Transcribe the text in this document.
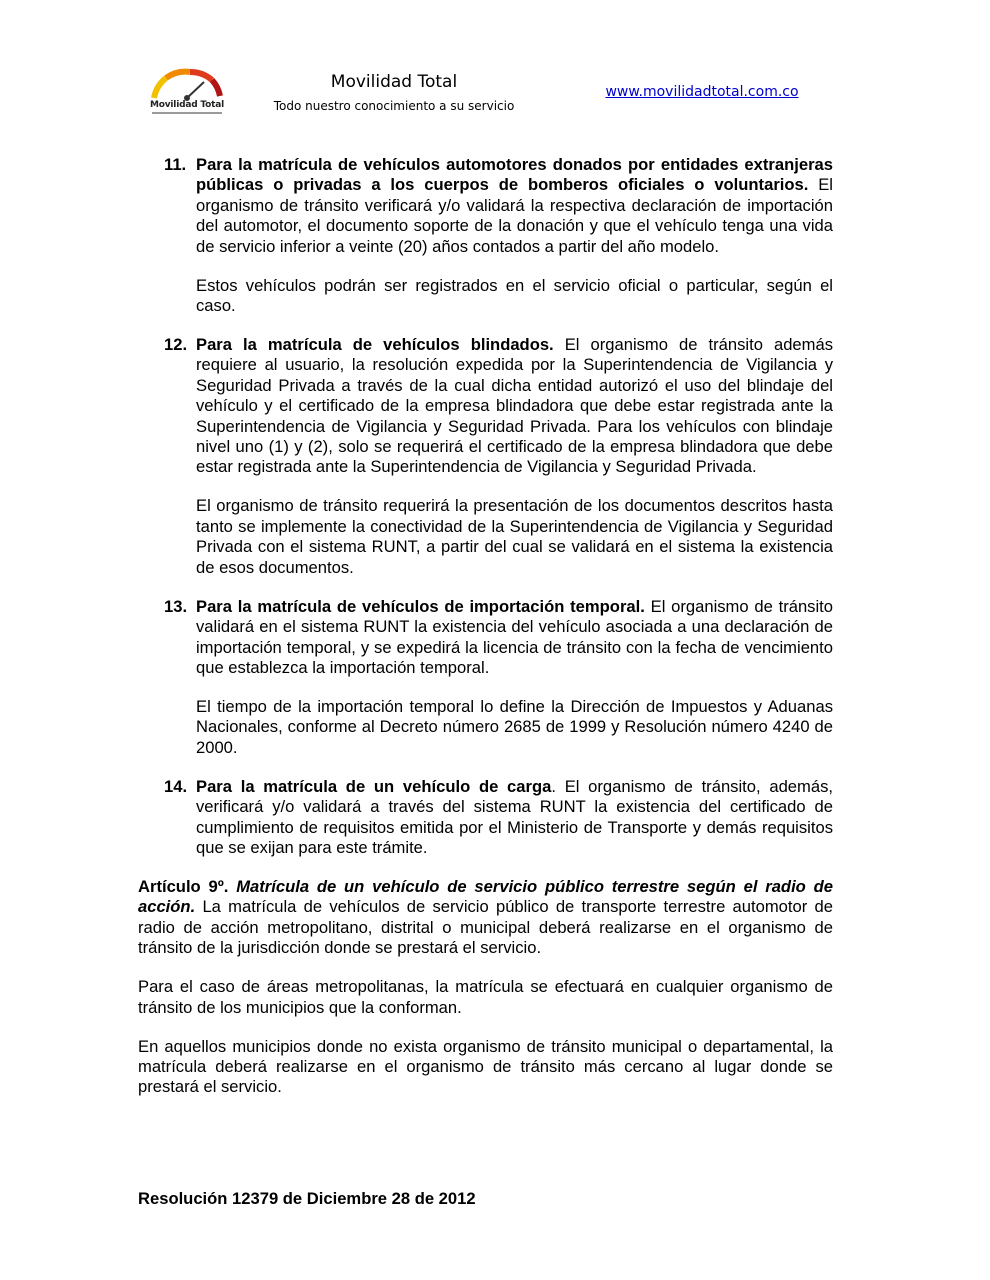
Movilidad Total
Movilidad Total
Todo nuestro conocimiento a su servicio
www.movilidadtotal.com.co
11. Para la matrícula de vehículos automotores donados por entidades extranjeras públicas o privadas a los cuerpos de bomberos oficiales o voluntarios. El organismo de tránsito verificará y/o validará la respectiva declaración de importación del automotor, el documento soporte de la donación y que el vehículo tenga una vida de servicio inferior a veinte (20) años contados a partir del año modelo.

Estos vehículos podrán ser registrados en el servicio oficial o particular, según el caso.

12. Para la matrícula de vehículos blindados. El organismo de tránsito además requiere al usuario, la resolución expedida por la Superintendencia de Vigilancia y Seguridad Privada a través de la cual dicha entidad autorizó el uso del blindaje del vehículo y el certificado de la empresa blindadora que debe estar registrada ante la Superintendencia de Vigilancia y Seguridad Privada. Para los vehículos con blindaje nivel uno (1) y (2), solo se requerirá el certificado de la empresa blindadora que debe estar registrada ante la Superintendencia de Vigilancia y Seguridad Privada.

El organismo de tránsito requerirá la presentación de los documentos descritos hasta tanto se implemente la conectividad de la Superintendencia de Vigilancia y Seguridad Privada con el sistema RUNT, a partir del cual se validará en el sistema la existencia de esos documentos.

13. Para la matrícula de vehículos de importación temporal. El organismo de tránsito validará en el sistema RUNT la existencia del vehículo asociada a una declaración de importación temporal, y se expedirá la licencia de tránsito con la fecha de vencimiento que establezca la importación temporal.

El tiempo de la importación temporal lo define la Dirección de Impuestos y Aduanas Nacionales, conforme al Decreto número 2685 de 1999 y Resolución número 4240 de 2000.

14. Para la matrícula de un vehículo de carga. El organismo de tránsito, además, verificará y/o validará a través del sistema RUNT la existencia del certificado de cumplimiento de requisitos emitida por el Ministerio de Transporte y demás requisitos que se exijan para este trámite.

Artículo 9º. Matrícula de un vehículo de servicio público terrestre según el radio de acción. La matrícula de vehículos de servicio público de transporte terrestre automotor de radio de acción metropolitano, distrital o municipal deberá realizarse en el organismo de tránsito de la jurisdicción donde se prestará el servicio.

Para el caso de áreas metropolitanas, la matrícula se efectuará en cualquier organismo de tránsito de los municipios que la conforman.

En aquellos municipios donde no exista organismo de tránsito municipal o departamental, la matrícula deberá realizarse en el organismo de tránsito más cercano al lugar donde se prestará el servicio.

Resolución 12379 de Diciembre 28 de 2012
